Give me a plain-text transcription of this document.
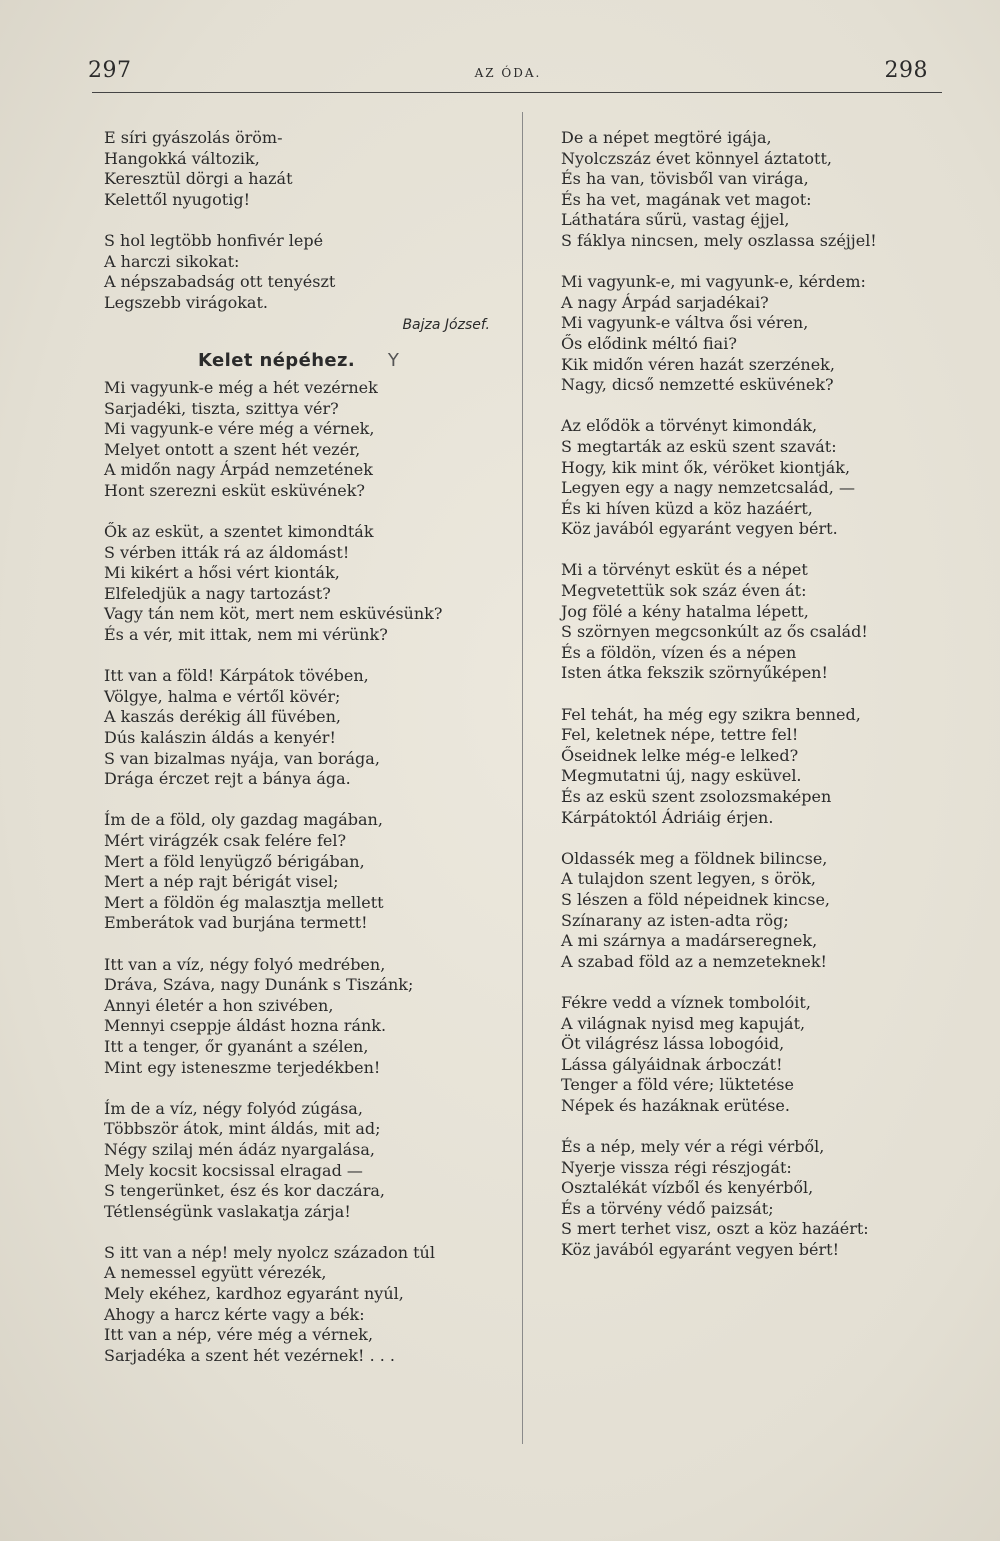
297	AZ ÓDA.	298
E síri gyászolás öröm-
Hangokká változik,
Keresztül dörgi a hazát
Kelettől nyugotig!
S hol legtöbb honfivér lepé
A harczi sikokat:
A népszabadság ott tenyészt
Legszebb virágokat.
Bajza József.
Kelet népéhez. Y
Mi vagyunk-e még a hét vezérnek
Sarjadéki, tiszta, szittya vér?
Mi vagyunk-e vére még a vérnek,
Melyet ontott a szent hét vezér,
A midőn nagy Árpád nemzetének
Hont szerezni esküt esküvének?
Ők az esküt, a szentet kimondták
S vérben itták rá az áldomást!
Mi kikért a hősi vért kionták,
Elfeledjük a nagy tartozást?
Vagy tán nem köt, mert nem esküvésünk?
És a vér, mit ittak, nem mi vérünk?
Itt van a föld! Kárpátok tövében,
Völgye, halma e vértől kövér;
A kaszás derékig áll füvében,
Dús kalászin áldás a kenyér!
S van bizalmas nyája, van borága,
Drága érczet rejt a bánya ága.
Ím de a föld, oly gazdag magában,
Mért virágzék csak felére fel?
Mert a föld lenyügző bérigában,
Mert a nép rajt bérigát visel;
Mert a földön ég malasztja mellett
Emberátok vad burjána termett!
Itt van a víz, négy folyó medrében,
Dráva, Száva, nagy Dunánk s Tiszánk;
Annyi életér a hon szivében,
Mennyi cseppje áldást hozna ránk.
Itt a tenger, őr gyanánt a szélen,
Mint egy isteneszme terjedékben!
Ím de a víz, négy folyód zúgása,
Többször átok, mint áldás, mit ad;
Négy szilaj mén ádáz nyargalása,
Mely kocsit kocsissal elragad —
S tengerünket, ész és kor daczára,
Tétlenségünk vaslakatja zárja!
S itt van a nép! mely nyolcz századon túl
A nemessel együtt vérezék,
Mely ekéhez, kardhoz egyaránt nyúl,
Ahogy a harcz kérte vagy a bék:
Itt van a nép, vére még a vérnek,
Sarjadéka a szent hét vezérnek! . . .
De a népet megtöré igája,
Nyolczszáz évet könnyel áztatott,
És ha van, tövisből van virága,
És ha vet, magának vet magot:
Láthatára sűrü, vastag éjjel,
S fáklya nincsen, mely oszlassa széjjel!
Mi vagyunk-e, mi vagyunk-e, kérdem:
A nagy Árpád sarjadékai?
Mi vagyunk-e váltva ősi véren,
Ős elődink méltó fiai?
Kik midőn véren hazát szerzének,
Nagy, dicső nemzetté esküvének?
Az elődök a törvényt kimondák,
S megtarták az eskü szent szavát:
Hogy, kik mint ők, véröket kiontják,
Legyen egy a nagy nemzetcsalád, —
És ki híven küzd a köz hazáért,
Köz javából egyaránt vegyen bért.
Mi a törvényt esküt és a népet
Megvetettük sok száz éven át:
Jog fölé a kény hatalma lépett,
S szörnyen megcsonkúlt az ős család!
És a földön, vízen és a népen
Isten átka fekszik szörnyűképen!
Fel tehát, ha még egy szikra benned,
Fel, keletnek népe, tettre fel!
Őseidnek lelke még-e lelked?
Megmutatni új, nagy esküvel.
És az eskü szent zsolozsmaképen
Kárpátoktól Ádriáig érjen.
Oldassék meg a földnek bilincse,
A tulajdon szent legyen, s örök,
S lészen a föld népeidnek kincse,
Színarany az isten-adta rög;
A mi szárnya a madárseregnek,
A szabad föld az a nemzeteknek!
Fékre vedd a víznek tombolóit,
A világnak nyisd meg kapuját,
Öt világrész lássa lobogóid,
Lássa gályáidnak árboczát!
Tenger a föld vére; lüktetése
Népek és hazáknak erütése.
És a nép, mely vér a régi vérből,
Nyerje vissza régi részjogát:
Osztalékát vízből és kenyérből,
És a törvény védő paizsát;
S mert terhet visz, oszt a köz hazáért:
Köz javából egyaránt vegyen bért!
